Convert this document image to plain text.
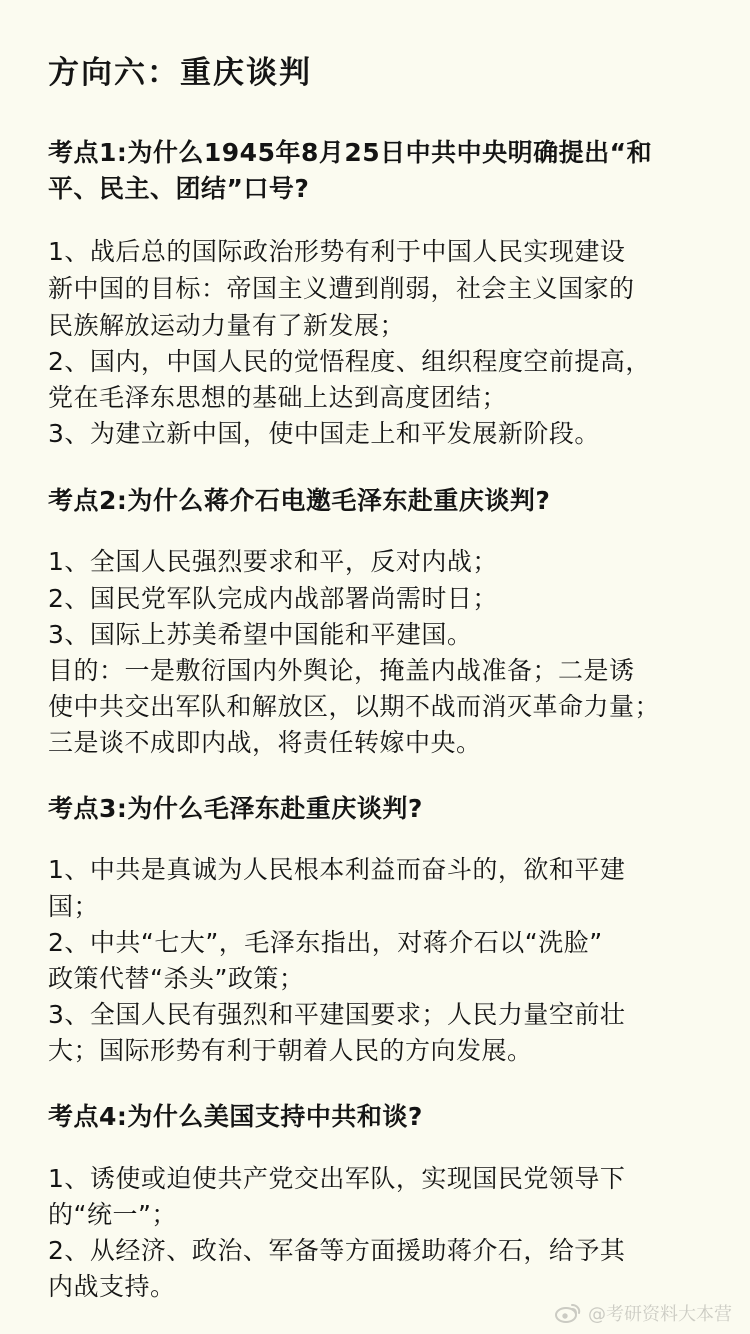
方向六：重庆谈判
考点1:为什么1945年8月25日中共中央明确提出“和
平、民主、团结”口号?
1、战后总的国际政治形势有利于中国人民实现建设
新中国的目标：帝国主义遭到削弱，社会主义国家的
民族解放运动力量有了新发展；
2、国内，中国人民的觉悟程度、组织程度空前提高，
党在毛泽东思想的基础上达到高度团结；
3、为建立新中国，使中国走上和平发展新阶段。
考点2:为什么蒋介石电邀毛泽东赴重庆谈判?
1、全国人民强烈要求和平，反对内战；
2、国民党军队完成内战部署尚需时日；
3、国际上苏美希望中国能和平建国。
目的：一是敷衍国内外舆论，掩盖内战准备；二是诱
使中共交出军队和解放区，以期不战而消灭革命力量；
三是谈不成即内战，将责任转嫁中央。
考点3:为什么毛泽东赴重庆谈判?
1、中共是真诚为人民根本利益而奋斗的，欲和平建
国；
2、中共“七大”，毛泽东指出，对蒋介石以“洗脸”
政策代替“杀头”政策；
3、全国人民有强烈和平建国要求；人民力量空前壮
大；国际形势有利于朝着人民的方向发展。
考点4:为什么美国支持中共和谈?
1、诱使或迫使共产党交出军队，实现国民党领导下
的“统一”；
2、从经济、政治、军备等方面援助蒋介石，给予其
内战支持。
@考研资料大本营
